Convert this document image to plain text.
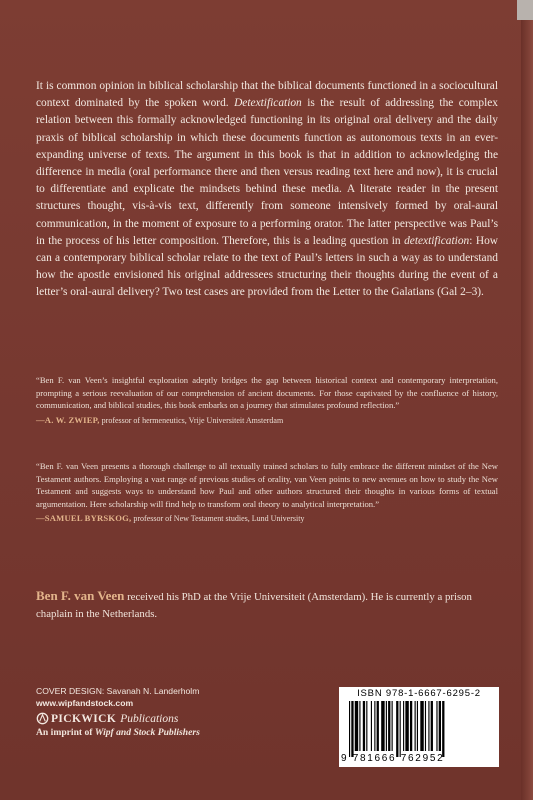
It is common opinion in biblical scholarship that the biblical documents functioned in a sociocultural context dominated by the spoken word. Detextification is the result of addressing the complex relation between this formally acknowledged functioning in its original oral delivery and the daily praxis of biblical scholarship in which these documents function as autonomous texts in an ever-expanding universe of texts. The argument in this book is that in addition to acknowledging the difference in media (oral performance there and then versus reading text here and now), it is crucial to differentiate and explicate the mindsets behind these media. A literate reader in the present structures thought, vis-à-vis text, differently from someone intensively formed by oral-aural communication, in the moment of exposure to a performing orator. The latter perspective was Paul’s in the process of his letter composition. Therefore, this is a leading question in detextification: How can a contemporary biblical scholar relate to the text of Paul’s letters in such a way as to understand how the apostle envisioned his original addressees structuring their thoughts during the event of a letter’s oral-aural delivery? Two test cases are provided from the Letter to the Galatians (Gal 2–3).

“Ben F. van Veen’s insightful exploration adeptly bridges the gap between historical context and contemporary interpretation, prompting a serious reevaluation of our comprehension of ancient documents. For those captivated by the confluence of history, communication, and biblical studies, this book embarks on a journey that stimulates profound reflection.”

—A. W. ZWIEP, professor of hermeneutics, Vrije Universiteit Amsterdam

“Ben F. van Veen presents a thorough challenge to all textually trained scholars to fully embrace the different mindset of the New Testament authors. Employing a vast range of previous studies of orality, van Veen points to new avenues on how to study the New Testament and suggests ways to understand how Paul and other authors structured their thoughts in various forms of textual argumentation. Here scholarship will find help to transform oral theory to analytical interpretation.”

—SAMUEL BYRSKOG, professor of New Testament studies, Lund University

Ben F. van Veen received his PhD at the Vrije Universiteit (Amsterdam). He is currently a prison chaplain in the Netherlands.

COVER DESIGN: Savanah N. Landerholm
www.wipfandstock.com
PICKWICK Publications
An imprint of Wipf and Stock Publishers
ISBN 978-1-6667-6295-2
9 781666 762952
